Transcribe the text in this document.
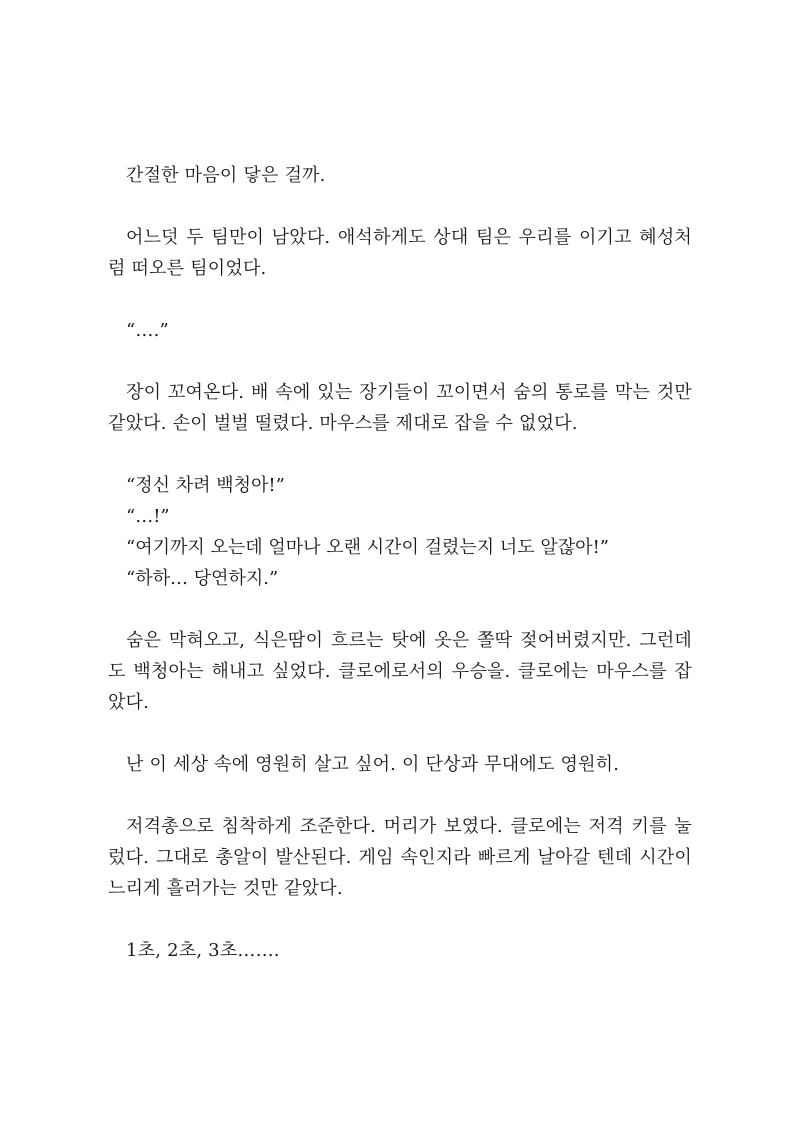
간절한 마음이 닿은 걸까.

어느덧 두 팀만이 남았다. 애석하게도 상대 팀은 우리를 이기고 혜성처럼 떠오른 팀이었다.

“….”

장이 꼬여온다. 배 속에 있는 장기들이 꼬이면서 숨의 통로를 막는 것만 같았다. 손이 벌벌 떨렸다. 마우스를 제대로 잡을 수 없었다.

“정신 차려 백청아!”
“…!”
“여기까지 오는데 얼마나 오랜 시간이 걸렸는지 너도 알잖아!”
“하하… 당연하지.”

숨은 막혀오고, 식은땀이 흐르는 탓에 옷은 쫄딱 젖어버렸지만. 그런데도 백청아는 해내고 싶었다. 클로에로서의 우승을. 클로에는 마우스를 잡았다.

난 이 세상 속에 영원히 살고 싶어. 이 단상과 무대에도 영원히.

저격총으로 침착하게 조준한다. 머리가 보였다. 클로에는 저격 키를 눌렀다. 그대로 총알이 발산된다. 게임 속인지라 빠르게 날아갈 텐데 시간이 느리게 흘러가는 것만 같았다.

1초, 2초, 3초…….
